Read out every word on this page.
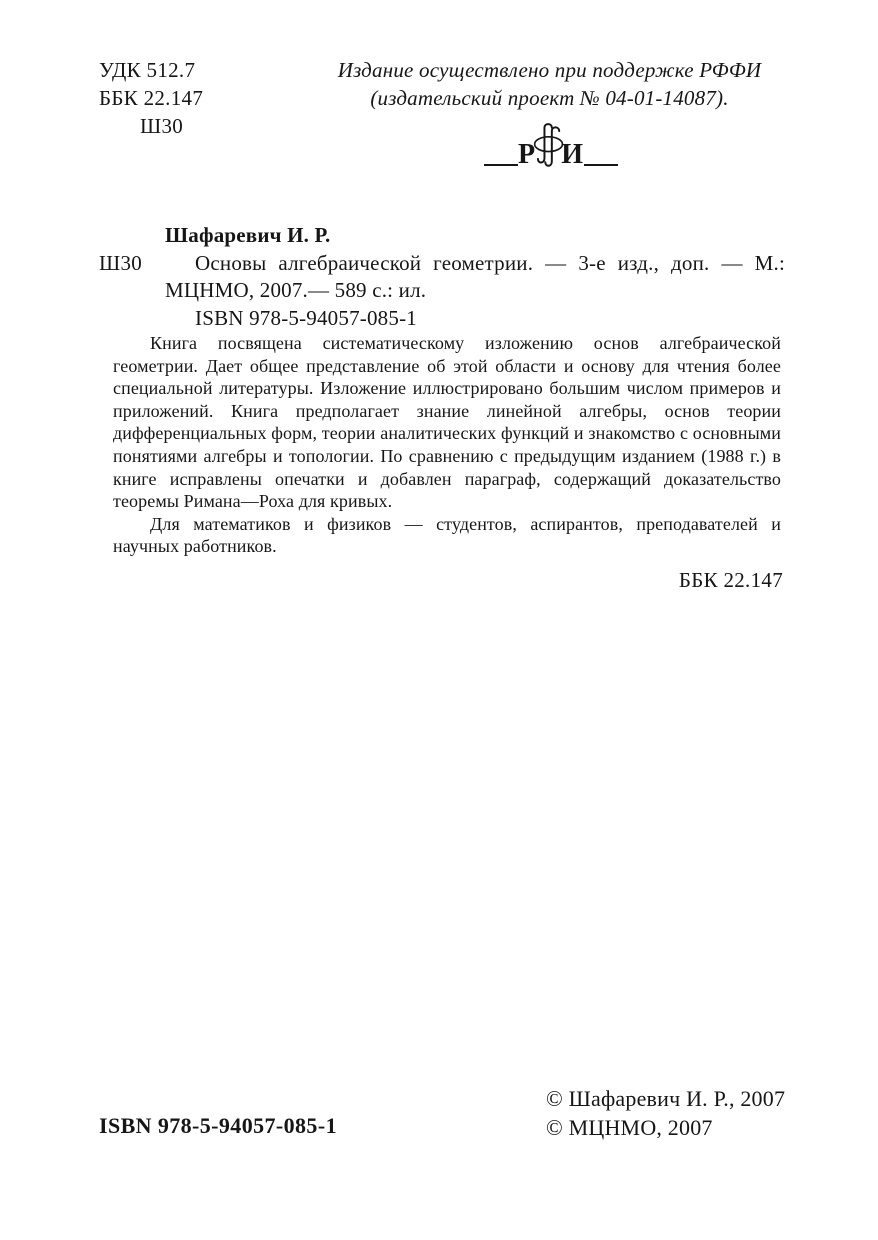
УДК 512.7
ББК 22.147
Ш30
Издание осуществлено при поддержке РФФИ
(издательский проект № 04-01-14087).
Р И
Ш30
Шафаревич И. Р.
Основы алгебраической геометрии. — 3-е изд., доп. — М.:
МЦНМО, 2007.— 589 с.: ил.
ISBN 978-5-94057-085-1

Книга посвящена систематическому изложению основ алгебраической геометрии. Дает общее представление об этой области и основу для чтения более специальной литературы. Изложение иллюстрировано большим числом примеров и приложений. Книга предполагает знание линейной алгебры, основ теории дифференциальных форм, теории аналитических функций и знакомство с основными понятиями алгебры и топологии. По сравнению с предыдущим изданием (1988 г.) в книге исправлены опечатки и добавлен параграф, содержащий доказательство теоремы Римана—Роха для кривых.

Для математиков и физиков — студентов, аспирантов, преподавателей и научных работников.

ББК 22.147
ISBN 978-5-94057-085-1
© Шафаревич И. Р., 2007
© МЦНМО, 2007
